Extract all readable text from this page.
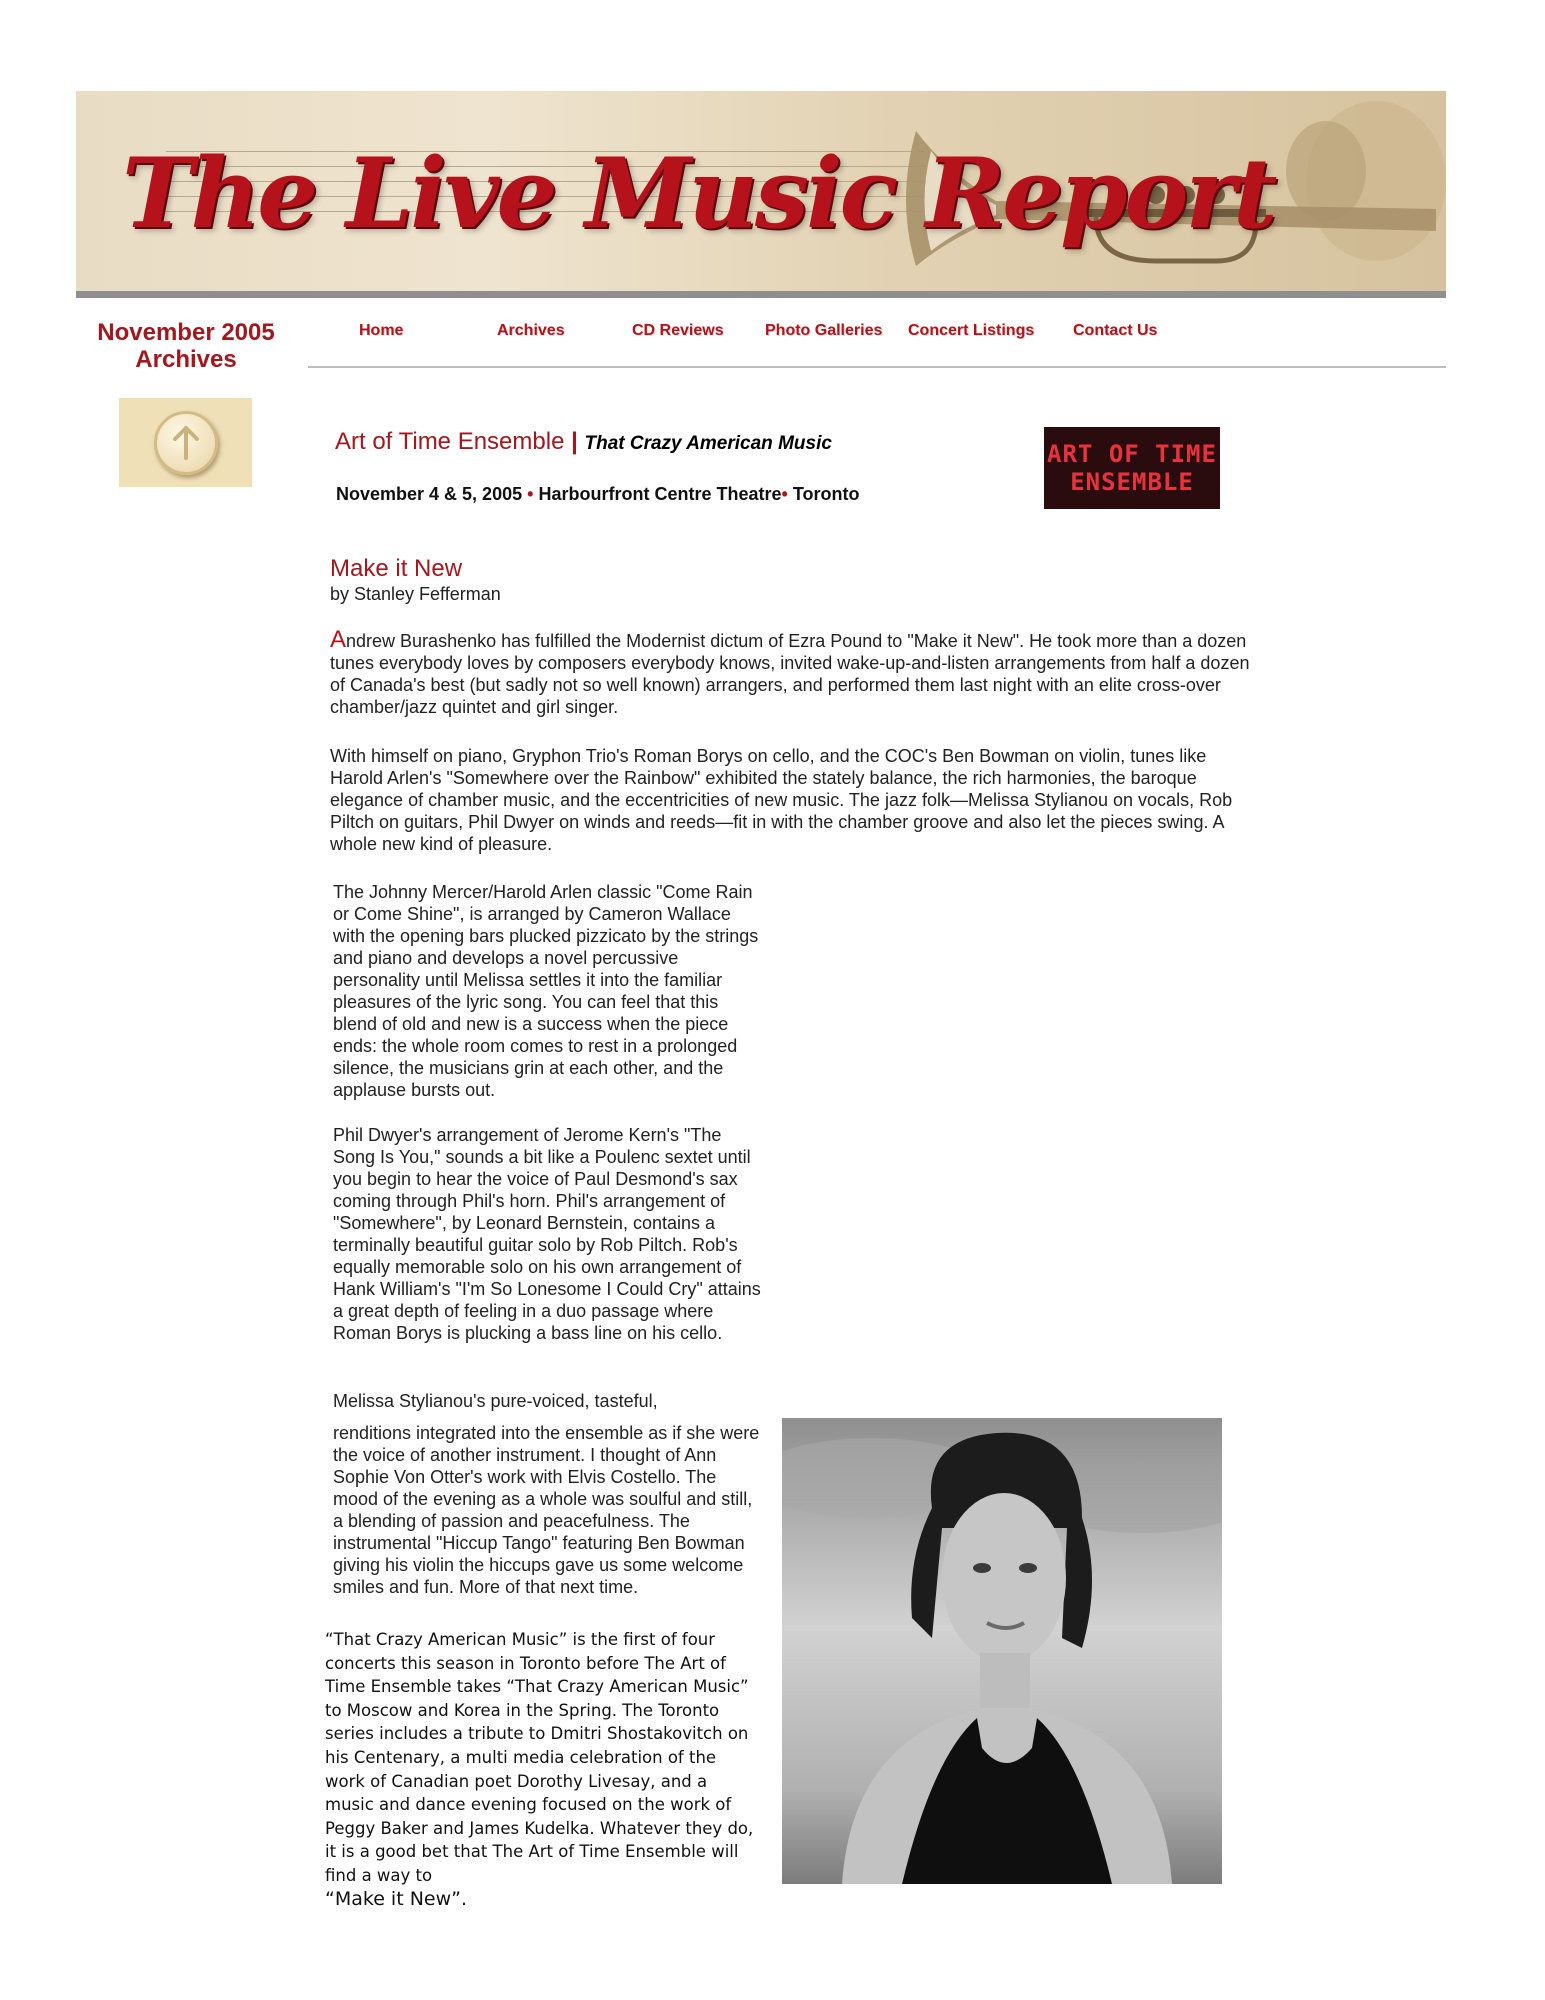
The Live Music Report
November 2005
Archives
Home	Archives	CD Reviews	Photo Galleries Concert Listings Contact Us
Art of Time Ensemble | That Crazy American Music
November 4 & 5, 2005 • Harbourfront Centre Theatre• Toronto
ART OF TIME
ENSEMBLE
Make it New
by Stanley Fefferman

Andrew Burashenko has fulfilled the Modernist dictum of Ezra Pound to "Make it New". He took more than a dozen tunes everybody loves by composers everybody knows, invited wake-up-and-listen arrangements from half a dozen of Canada's best (but sadly not so well known) arrangers, and performed them last night with an elite cross-over chamber/jazz quintet and girl singer.

With himself on piano, Gryphon Trio's Roman Borys on cello, and the COC's Ben Bowman on violin, tunes like Harold Arlen's "Somewhere over the Rainbow" exhibited the stately balance, the rich harmonies, the baroque elegance of chamber music, and the eccentricities of new music. The jazz folk—Melissa Stylianou on vocals, Rob Piltch on guitars, Phil Dwyer on winds and reeds—fit in with the chamber groove and also let the pieces swing. A whole new kind of pleasure.

The Johnny Mercer/Harold Arlen classic "Come Rain or Come Shine", is arranged by Cameron Wallace with the opening bars plucked pizzicato by the strings and piano and develops a novel percussive personality until Melissa settles it into the familiar pleasures of the lyric song. You can feel that this blend of old and new is a success when the piece ends: the whole room comes to rest in a prolonged silence, the musicians grin at each other, and the applause bursts out.

Phil Dwyer's arrangement of Jerome Kern's "The Song Is You," sounds a bit like a Poulenc sextet until you begin to hear the voice of Paul Desmond's sax coming through Phil's horn. Phil's arrangement of "Somewhere", by Leonard Bernstein, contains a terminally beautiful guitar solo by Rob Piltch. Rob's equally memorable solo on his own arrangement of Hank William's "I'm So Lonesome I Could Cry" attains a great depth of feeling in a duo passage where Roman Borys is plucking a bass line on his cello.

Melissa Stylianou's pure-voiced, tasteful,

renditions integrated into the ensemble as if she were the voice of another instrument. I thought of Ann Sophie Von Otter's work with Elvis Costello. The mood of the evening as a whole was soulful and still, a blending of passion and peacefulness. The instrumental "Hiccup Tango" featuring Ben Bowman giving his violin the hiccups gave us some welcome smiles and fun. More of that next time.

“That Crazy American Music” is the first of four concerts this season in Toronto before The Art of Time Ensemble takes “That Crazy American Music” to Moscow and Korea in the Spring. The Toronto series includes a tribute to Dmitri Shostakovitch on his Centenary, a multi media celebration of the work of Canadian poet Dorothy Livesay, and a music and dance evening focused on the work of Peggy Baker and James Kudelka. Whatever they do, it is a good bet that The Art of Time Ensemble will find a way to
“Make it New”.
